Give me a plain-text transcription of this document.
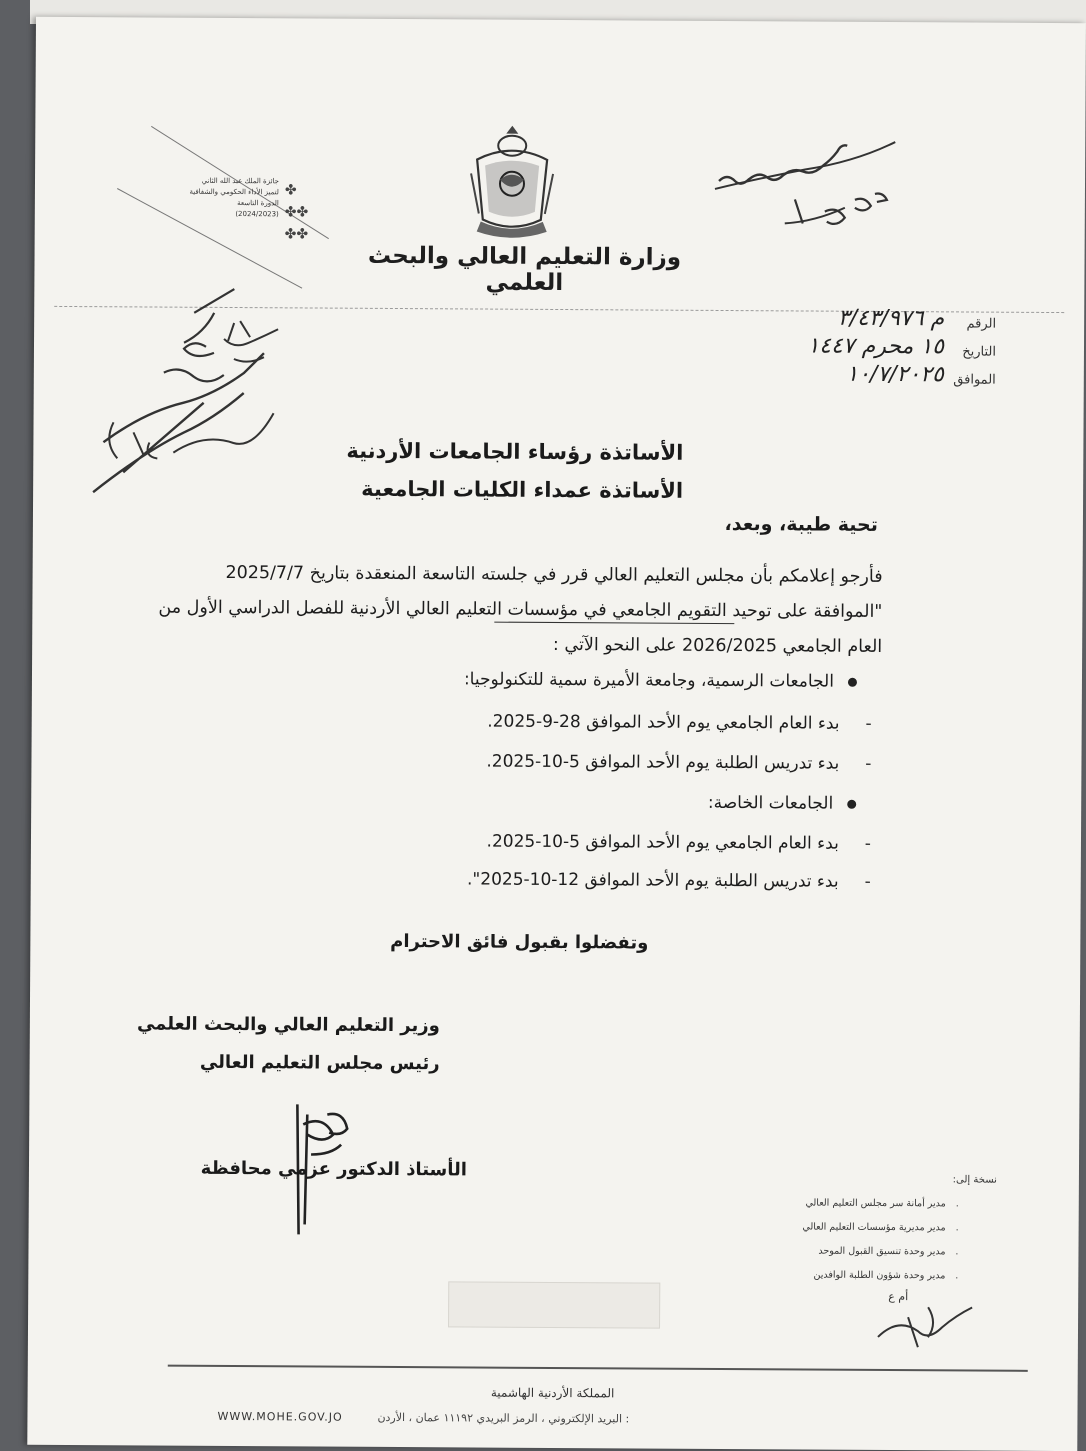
وزارة التعليم العالي والبحث العلمي
جائزة الملك عبد الله الثاني
لتميز الأداء الحكومي والشفافية
الدورة التاسعة
(2024/2023)
✤
✤✤
✤✤
الرقم
م ٣/٤٣/٩٧٦
التاريخ
١٥ محرم ١٤٤٧
الموافق
١٠/٧/٢٠٢٥
الأساتذة رؤساء الجامعات الأردنية
الأساتذة عمداء الكليات الجامعية
تحية طيبة، وبعد،
فأرجو إعلامكم بأن مجلس التعليم العالي قرر في جلسته التاسعة المنعقدة بتاريخ 2025/7/7
"الموافقة على توحيد التقويم الجامعي في مؤسسات التعليم العالي الأردنية للفصل الدراسي الأول من
العام الجامعي 2026/2025 على النحو الآتي :
الجامعات الرسمية، وجامعة الأميرة سمية للتكنولوجيا:
-بدء العام الجامعي يوم الأحد الموافق 28-9-2025.
-بدء تدريس الطلبة يوم الأحد الموافق 5-10-2025.
الجامعات الخاصة:
-بدء العام الجامعي يوم الأحد الموافق 5-10-2025.
-بدء تدريس الطلبة يوم الأحد الموافق 12-10-2025".
وتفضلوا بقبول فائق الاحترام
وزير التعليم العالي والبحث العلمي
رئيس مجلس التعليم العالي
الأستاذ الدكتور عزمي محافظة	نسخة إلى:
.مدير أمانة سر مجلس التعليم العالي
.مدير مديرية مؤسسات التعليم العالي
.مدير وحدة تنسيق القبول الموحد
.مدير وحدة شؤون الطلبة الوافدين
أم ع
المملكة الأردنية الهاشمية
WWW.MOHE.GOV.JO	: البريد الإلكتروني ، الرمز البريدي ١١١٩٢ عمان ، الأردن
